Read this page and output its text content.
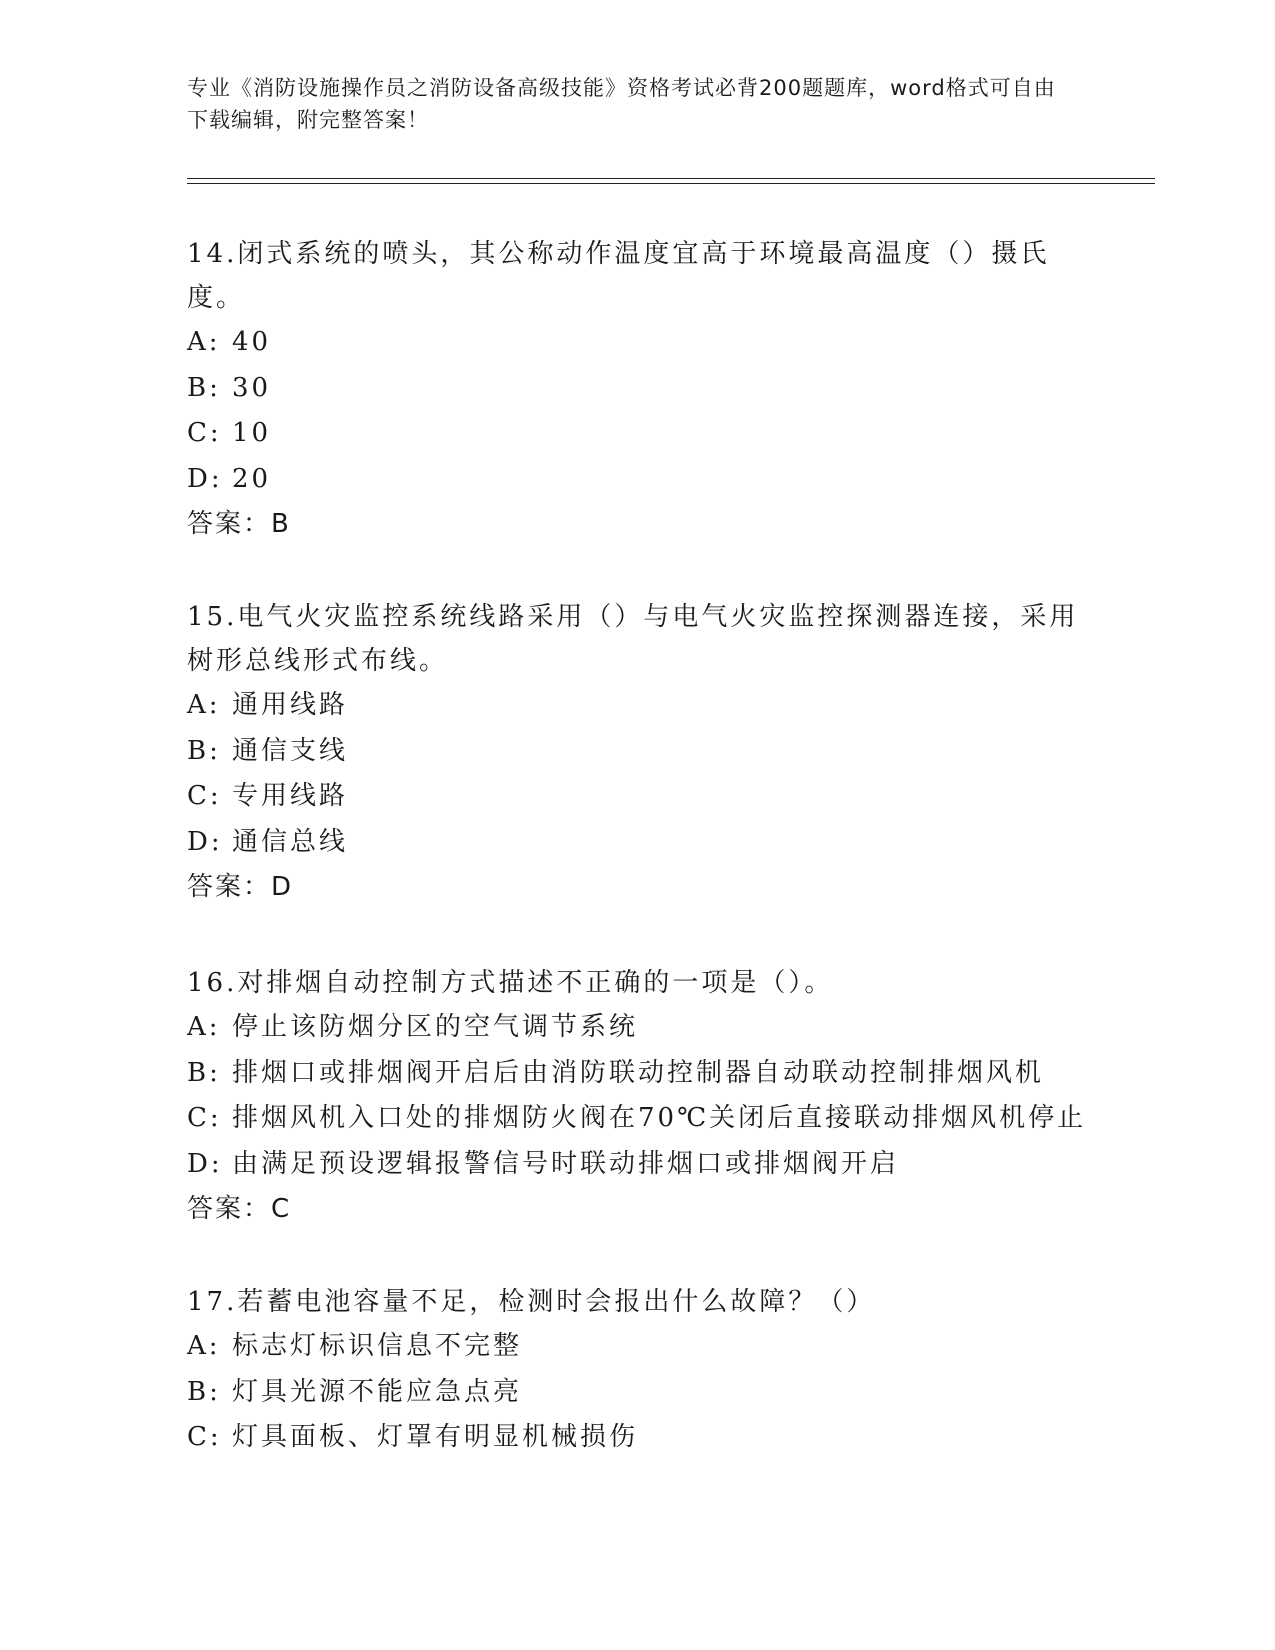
专业《消防设施操作员之消防设备高级技能》资格考试必背200题题库，word格式可自由下载编辑，附完整答案！
14.闭式系统的喷头，其公称动作温度宜高于环境最高温度（）摄氏度。
A: 40
B: 30
C: 10
D: 20
答案：B
15.电气火灾监控系统线路采用（）与电气火灾监控探测器连接，采用树形总线形式布线。
A: 通用线路
B: 通信支线
C: 专用线路
D: 通信总线
答案：D
16.对排烟自动控制方式描述不正确的一项是（）。
A: 停止该防烟分区的空气调节系统
B: 排烟口或排烟阀开启后由消防联动控制器自动联动控制排烟风机
C: 排烟风机入口处的排烟防火阀在70℃关闭后直接联动排烟风机停止
D: 由满足预设逻辑报警信号时联动排烟口或排烟阀开启
答案：C
17.若蓄电池容量不足，检测时会报出什么故障？（）
A: 标志灯标识信息不完整
B: 灯具光源不能应急点亮
C: 灯具面板、灯罩有明显机械损伤
